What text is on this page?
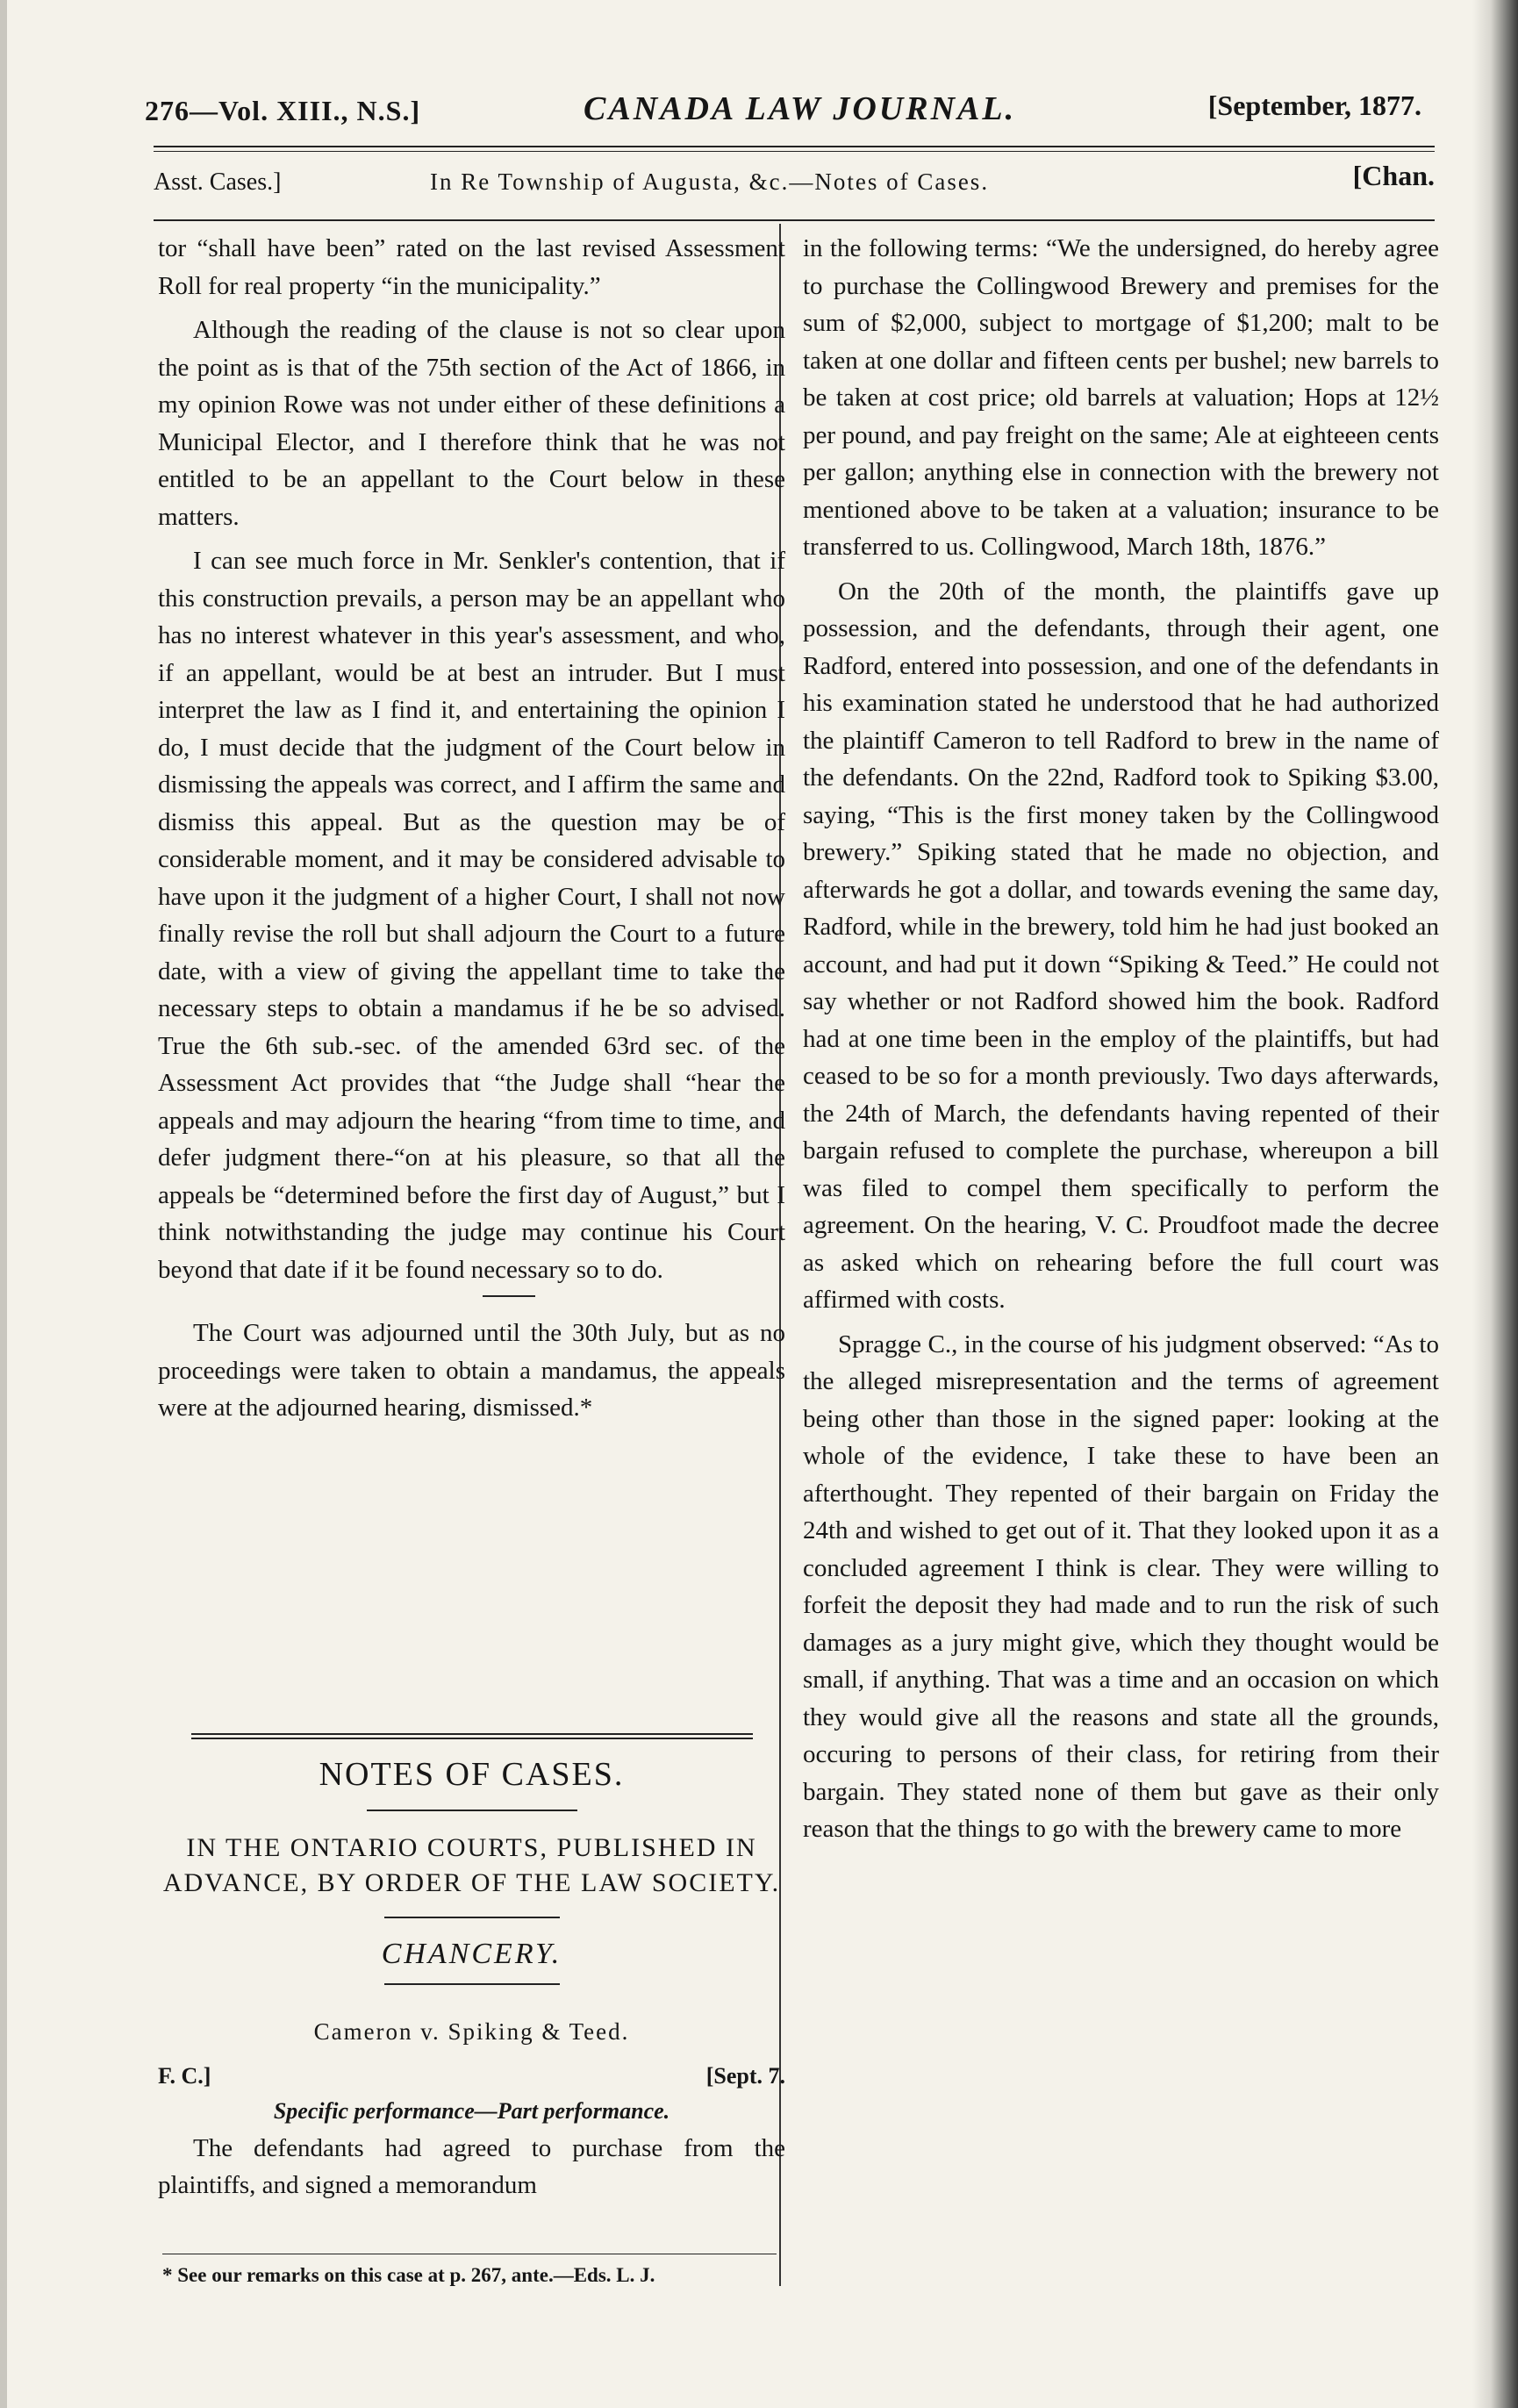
276—Vol. XIII., N.S.]	CANADA LAW JOURNAL.	[September, 1877.
Asst. Cases.]	In Re Township of Augusta, &c.—Notes of Cases.	[Chan.

tor “shall have been” rated on the last revised Assessment Roll for real property “in the municipality.”

Although the reading of the clause is not so clear upon the point as is that of the 75th section of the Act of 1866, in my opinion Rowe was not under either of these definitions a Municipal Elector, and I therefore think that he was not entitled to be an appellant to the Court below in these matters.

I can see much force in Mr. Senkler's contention, that if this construction prevails, a person may be an appellant who has no interest whatever in this year's assessment, and who, if an appellant, would be at best an intruder. But I must interpret the law as I find it, and entertaining the opinion I do, I must decide that the judgment of the Court below in dismissing the appeals was correct, and I affirm the same and dismiss this appeal. But as the question may be of considerable moment, and it may be considered advisable to have upon it the judgment of a higher Court, I shall not now finally revise the roll but shall adjourn the Court to a future date, with a view of giving the appellant time to take the necessary steps to obtain a mandamus if he be so advised. True the 6th sub.-sec. of the amended 63rd sec. of the Assessment Act provides that “the Judge shall “hear the appeals and may adjourn the hearing “from time to time, and defer judgment there-“on at his pleasure, so that all the appeals be “determined before the first day of August,” but I think notwithstanding the judge may continue his Court beyond that date if it be found necessary so to do.

The Court was adjourned until the 30th July, but as no proceedings were taken to obtain a mandamus, the appeals were at the adjourned hearing, dismissed.*

NOTES OF CASES.
IN THE ONTARIO COURTS, PUBLISHED IN ADVANCE, BY ORDER OF THE LAW SOCIETY.
CHANCERY.
Cameron v. Spiking & Teed.
F. C.]	[Sept. 7.
Specific performance—Part performance.
The defendants had agreed to purchase from the plaintiffs, and signed a memorandum
* See our remarks on this case at p. 267, ante.—Eds. L. J.

in the following terms: “We the undersigned, do hereby agree to purchase the Collingwood Brewery and premises for the sum of $2,000, subject to mortgage of $1,200; malt to be taken at one dollar and fifteen cents per bushel; new barrels to be taken at cost price; old barrels at valuation; Hops at 12½ per pound, and pay freight on the same; Ale at eighteeen cents per gallon; anything else in connection with the brewery not mentioned above to be taken at a valuation; insurance to be transferred to us. Collingwood, March 18th, 1876.”

On the 20th of the month, the plaintiffs gave up possession, and the defendants, through their agent, one Radford, entered into possession, and one of the defendants in his examination stated he understood that he had authorized the plaintiff Cameron to tell Radford to brew in the name of the defendants. On the 22nd, Radford took to Spiking $3.00, saying, “This is the first money taken by the Collingwood brewery.” Spiking stated that he made no objection, and afterwards he got a dollar, and towards evening the same day, Radford, while in the brewery, told him he had just booked an account, and had put it down “Spiking & Teed.” He could not say whether or not Radford showed him the book. Radford had at one time been in the employ of the plaintiffs, but had ceased to be so for a month previously. Two days afterwards, the 24th of March, the defendants having repented of their bargain refused to complete the purchase, whereupon a bill was filed to compel them specifically to perform the agreement. On the hearing, V. C. Proudfoot made the decree as asked which on rehearing before the full court was affirmed with costs.

Spragge C., in the course of his judgment observed: “As to the alleged misrepresentation and the terms of agreement being other than those in the signed paper: looking at the whole of the evidence, I take these to have been an afterthought. They repented of their bargain on Friday the 24th and wished to get out of it. That they looked upon it as a concluded agreement I think is clear. They were willing to forfeit the deposit they had made and to run the risk of such damages as a jury might give, which they thought would be small, if anything. That was a time and an occasion on which they would give all the reasons and state all the grounds, occuring to persons of their class, for retiring from their bargain. They stated none of them but gave as their only reason that the things to go with the brewery came to more
